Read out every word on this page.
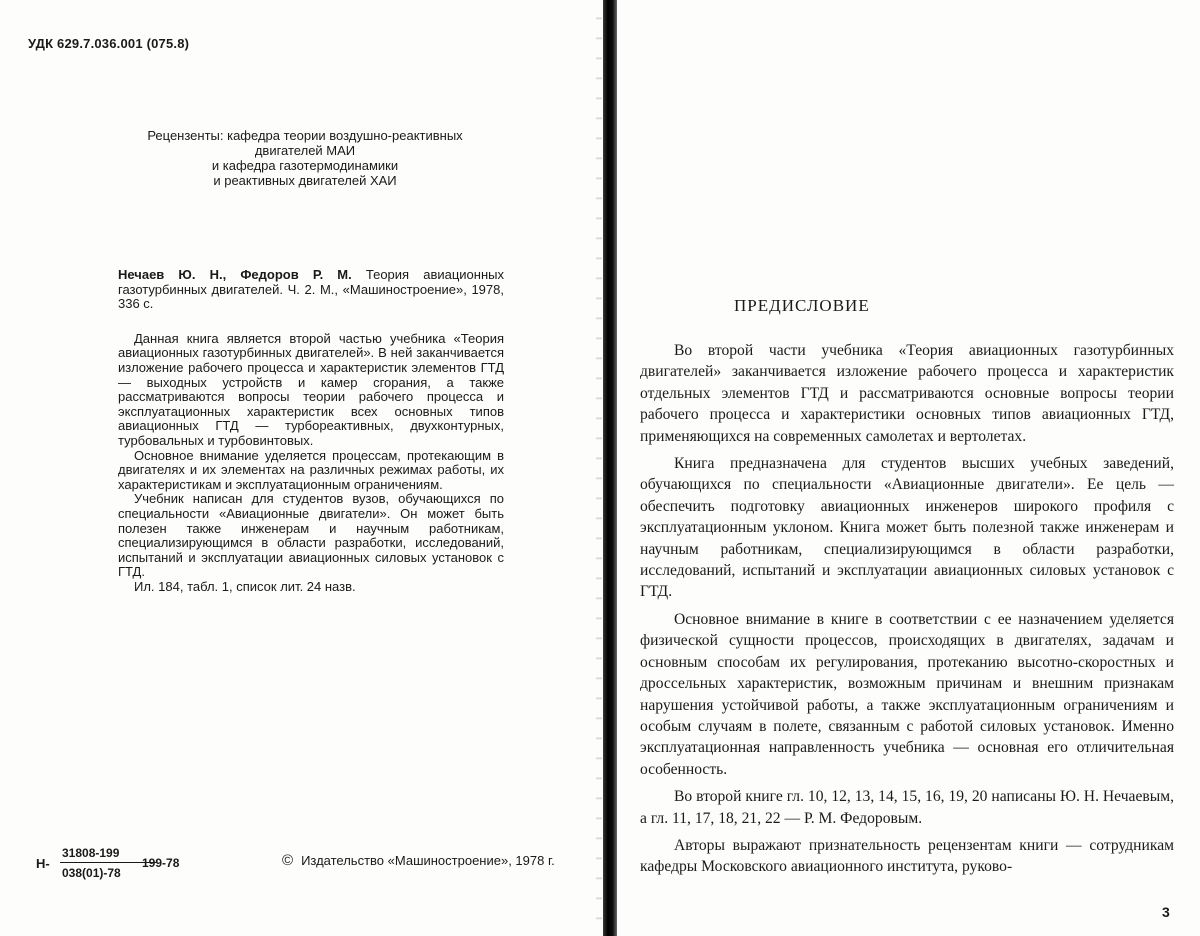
УДК 629.7.036.001 (075.8)
Рецензенты: кафедра теории воздушно-реактивных
двигателей МАИ
и кафедра газотермодинамики
и реактивных двигателей ХАИ

Нечаев Ю. Н., Федоров Р. М. Теория авиационных газотурбинных двигателей. Ч. 2. М., «Машиностроение», 1978, 336 с.

Данная книга является второй частью учебника «Теория авиационных газотурбинных двигателей». В ней заканчивается изложение рабочего процесса и характеристик элементов ГТД — выходных устройств и камер сгорания, а также рассматриваются вопросы теории рабочего процесса и эксплуатационных характеристик всех основных типов авиационных ГТД — турбореактивных, двухконтурных, турбовальных и турбовинтовых.

Основное внимание уделяется процессам, протекающим в двигателях и их элементах на различных режимах работы, их характеристикам и эксплуатационным ограничениям.

Учебник написан для студентов вузов, обучающихся по специальности «Авиационные двигатели». Он может быть полезен также инженерам и научным работникам, специализирующимся в области разработки, исследований, испытаний и эксплуатации авиационных силовых установок с ГТД.

Ил. 184, табл. 1, список лит. 24 назв.

Н-
31808-199
038(01)-78
199-78	© Издательство «Машиностроение», 1978 г.
ПРЕДИСЛОВИЕ

Во второй части учебника «Теория авиационных газотурбинных двигателей» заканчивается изложение рабочего процесса и характеристик отдельных элементов ГТД и рассматриваются основные вопросы теории рабочего процесса и характеристики основных типов авиационных ГТД, применяющихся на современных самолетах и вертолетах.

Книга предназначена для студентов высших учебных заведений, обучающихся по специальности «Авиационные двигатели». Ее цель — обеспечить подготовку авиационных инженеров широкого профиля с эксплуатационным уклоном. Книга может быть полезной также инженерам и научным работникам, специализирующимся в области разработки, исследований, испытаний и эксплуатации авиационных силовых установок с ГТД.

Основное внимание в книге в соответствии с ее назначением уделяется физической сущности процессов, происходящих в двигателях, задачам и основным способам их регулирования, протеканию высотно-скоростных и дроссельных характеристик, возможным причинам и внешним признакам нарушения устойчивой работы, а также эксплуатационным ограничениям и особым случаям в полете, связанным с работой силовых установок. Именно эксплуатационная направленность учебника — основная его отличительная особенность.

Во второй книге гл. 10, 12, 13, 14, 15, 16, 19, 20 написаны Ю. Н. Нечаевым, а гл. 11, 17, 18, 21, 22 — Р. М. Федоровым.

Авторы выражают признательность рецензентам книги — сотрудникам кафедры Московского авиационного института, руково-

3
